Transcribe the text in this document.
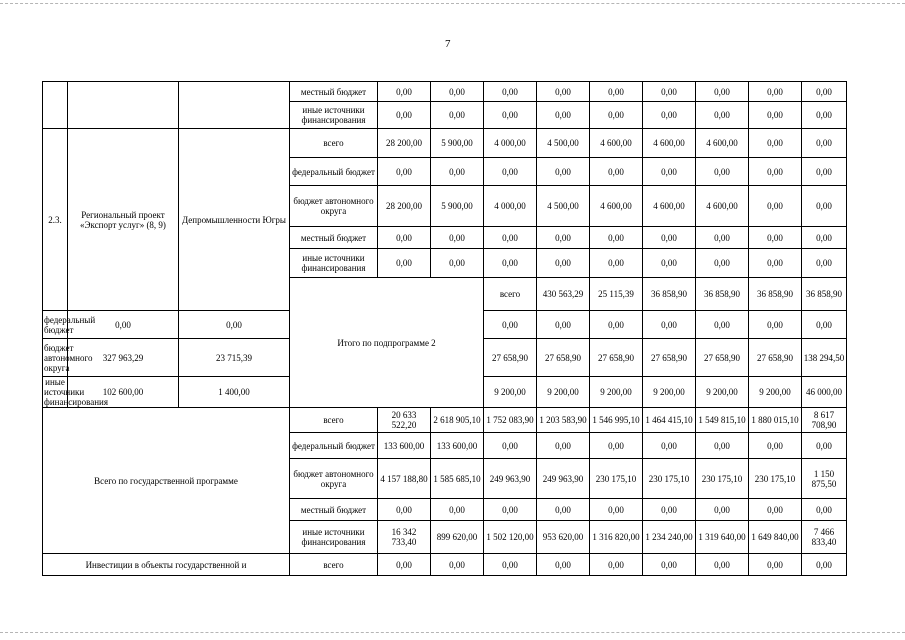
7
			местный бюджет	0,00	0,00	0,00	0,00	0,00	0,00	0,00	0,00	0,00	
			иные источники финансирования	0,00	0,00	0,00	0,00	0,00	0,00	0,00	0,00	0,00	
2.3.	Региональный проект «Экспорт услуг» (8, 9)	Депромышленности Югры	всего	28 200,00	5 900,00	4 000,00	4 500,00	4 600,00	4 600,00	4 600,00	0,00	0,00	
			федеральный бюджет	0,00	0,00	0,00	0,00	0,00	0,00	0,00	0,00	0,00	
			бюджет автономного округа	28 200,00	5 900,00	4 000,00	4 500,00	4 600,00	4 600,00	4 600,00	0,00	0,00	
			местный бюджет	0,00	0,00	0,00	0,00	0,00	0,00	0,00	0,00	0,00	
			иные источники финансирования	0,00	0,00	0,00	0,00	0,00	0,00	0,00	0,00	0,00	
			Итого по подпрограмме 2			всего	430 563,29	25 115,39	36 858,90	36 858,90	36 858,90	36 858,90			
федеральный бюджет	0,00	0,00				0,00	0,00	0,00	0,00	0,00	0,00	0,00	
бюджет автономного округа	327 963,29	23 715,39				27 658,90	27 658,90	27 658,90	27 658,90	27 658,90	27 658,90	138 294,50	
иные источники финансирования	102 600,00	1 400,00				9 200,00	9 200,00	9 200,00	9 200,00	9 200,00	9 200,00	46 000,00	
Всего по государственной программе			всего	20 633 522,20	2 618 905,10	1 752 083,90	1 203 583,90	1 546 995,10	1 464 415,10	1 549 815,10	1 880 015,10	8 617 708,90	
			федеральный бюджет	133 600,00	133 600,00	0,00	0,00	0,00	0,00	0,00	0,00	0,00	
			бюджет автономного округа	4 157 188,80	1 585 685,10	249 963,90	249 963,90	230 175,10	230 175,10	230 175,10	230 175,10	1 150 875,50	
			местный бюджет	0,00	0,00	0,00	0,00	0,00	0,00	0,00	0,00	0,00	
			иные источники финансирования	16 342 733,40	899 620,00	1 502 120,00	953 620,00	1 316 820,00	1 234 240,00	1 319 640,00	1 649 840,00	7 466 833,40	
Инвестиции в объекты государственной и			всего	0,00	0,00	0,00	0,00	0,00	0,00	0,00	0,00	0,00	
